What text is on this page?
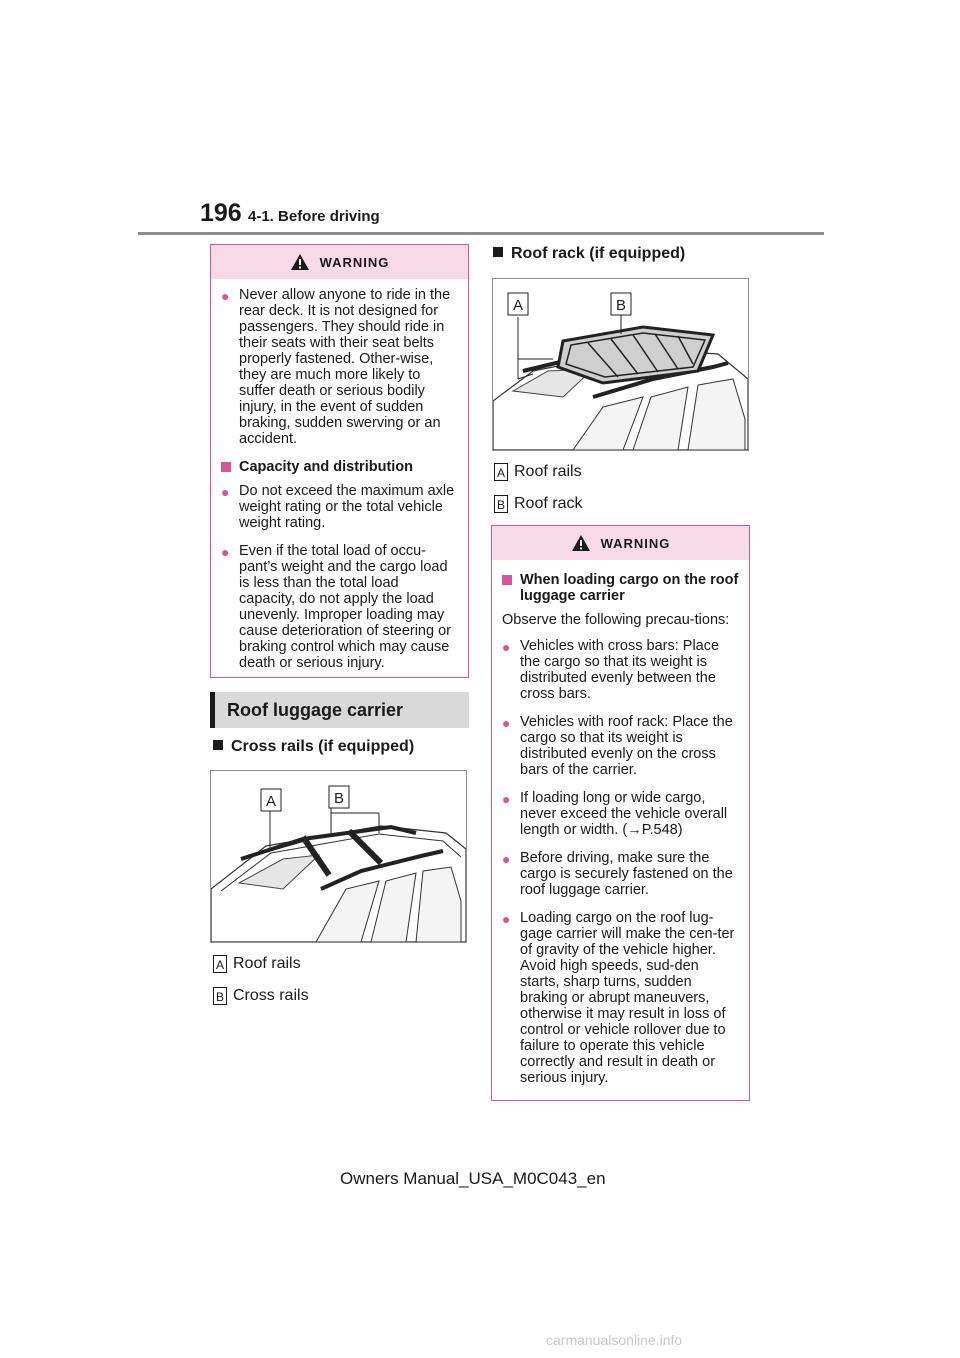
196 4-1. Before driving
WARNING
● Never allow anyone to ride in the rear deck. It is not designed for passengers. They should ride in their seats with their seat belts properly fastened. Other-wise, they are much more likely to suffer death or serious bodily injury, in the event of sudden braking, sudden swerving or an accident.
Capacity and distribution
● Do not exceed the maximum axle weight rating or the total vehicle weight rating.
● Even if the total load of occu-pant’s weight and the cargo load is less than the total load capacity, do not apply the load unevenly. Improper loading may cause deterioration of steering or braking control which may cause death or serious injury.
Roof luggage carrier
Cross rails (if equipped)
A	B
A Roof rails
B Cross rails
Roof rack (if equipped)
A	B
A Roof rails
B Roof rack
WARNING
When loading cargo on the roof luggage carrier
Observe the following precau-tions:
● Vehicles with cross bars: Place the cargo so that its weight is distributed evenly between the cross bars.
● Vehicles with roof rack: Place the cargo so that its weight is distributed evenly on the cross bars of the carrier.
● If loading long or wide cargo, never exceed the vehicle overall length or width. (→P.548)
● Before driving, make sure the cargo is securely fastened on the roof luggage carrier.
● Loading cargo on the roof lug-gage carrier will make the cen-ter of gravity of the vehicle higher. Avoid high speeds, sud-den starts, sharp turns, sudden braking or abrupt maneuvers, otherwise it may result in loss of control or vehicle rollover due to failure to operate this vehicle correctly and result in death or serious injury.
Owners Manual_USA_M0C043_en
carmanualsonline.info
